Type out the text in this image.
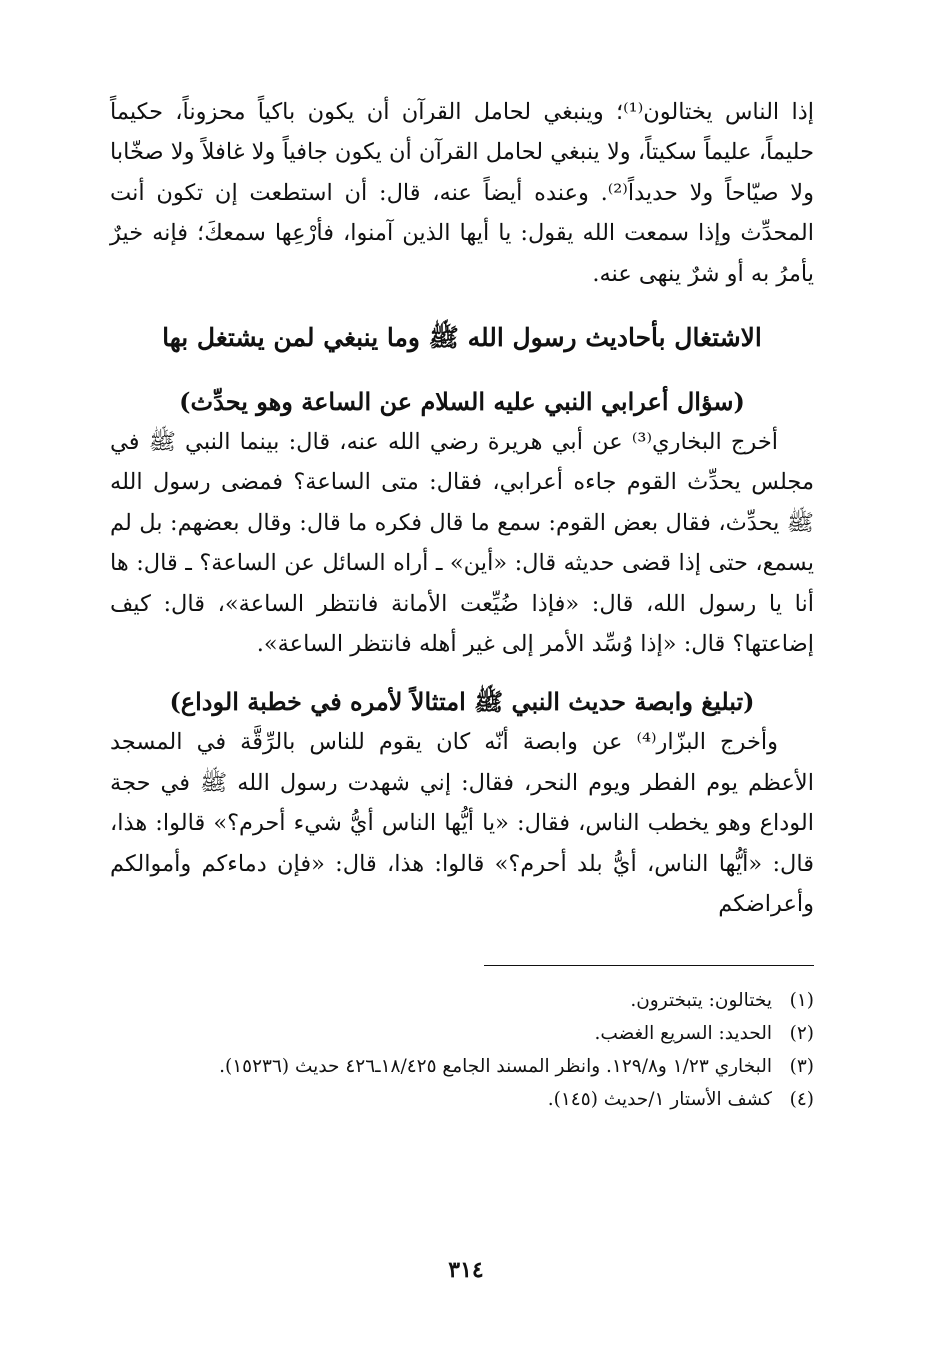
إذا الناس يختالون⁽¹⁾؛ وينبغي لحامل القرآن أن يكون باكياً محزوناً، حكيماً حليماً، عليماً سكيتاً، ولا ينبغي لحامل القرآن أن يكون جافياً ولا غافلاً ولا صخّابا ولا صيّاحاً ولا حديداً⁽²⁾. وعنده أيضاً عنه، قال: أن استطعت إن تكون أنت المحدِّث وإذا سمعت الله يقول: يا أيها الذين آمنوا، فأرْعِها سمعكَ؛ فإنه خيرٌ يأمرُ به أو شرٌ ينهى عنه.

الاشتغال بأحاديث رسول الله ﷺ وما ينبغي لمن يشتغل بها
(سؤال أعرابي النبي عليه السلام عن الساعة وهو يحدِّث)

أخرج البخاري⁽³⁾ عن أبي هريرة رضي الله عنه، قال: بينما النبي ﷺ في مجلس يحدِّث القوم جاءه أعرابي، فقال: متى الساعة؟ فمضى رسول الله ﷺ يحدِّث، فقال بعض القوم: سمع ما قال فكره ما قال: وقال بعضهم: بل لم يسمع، حتى إذا قضى حديثه قال: «أين» ـ أراه السائل عن الساعة؟ ـ قال: ها أنا يا رسول الله، قال: «فإذا ضُيِّعت الأمانة فانتظر الساعة»، قال: كيف إضاعتها؟ قال: «إذا وُسِّد الأمر إلى غير أهله فانتظر الساعة».

(تبليغ وابصة حديث النبي ﷺ امتثالاً لأمره في خطبة الوداع)

وأخرج البزّار⁽⁴⁾ عن وابصة أنّه كان يقوم للناس بالرِّقَّة في المسجد الأعظم يوم الفطر ويوم النحر، فقال: إني شهدت رسول الله ﷺ في حجة الوداع وهو يخطب الناس، فقال: «يا أيُّها الناس أيُّ شيء أحرم؟» قالوا: هذا، قال: «أيُّها الناس، أيُّ بلد أحرم؟» قالوا: هذا، قال: «فإن دماءكم وأموالكم وأعراضكم

(١)
يختالون: يتبخترون.
(٢)
الحديد: السريع الغضب.
(٣)
البخاري ١/٢٣ و١٢٩/٨. وانظر المسند الجامع ١٨/٤٢٥ـ٤٢٦ حديث (١٥٢٣٦).
(٤)
كشف الأستار ١/حديث (١٤٥).
٣١٤
